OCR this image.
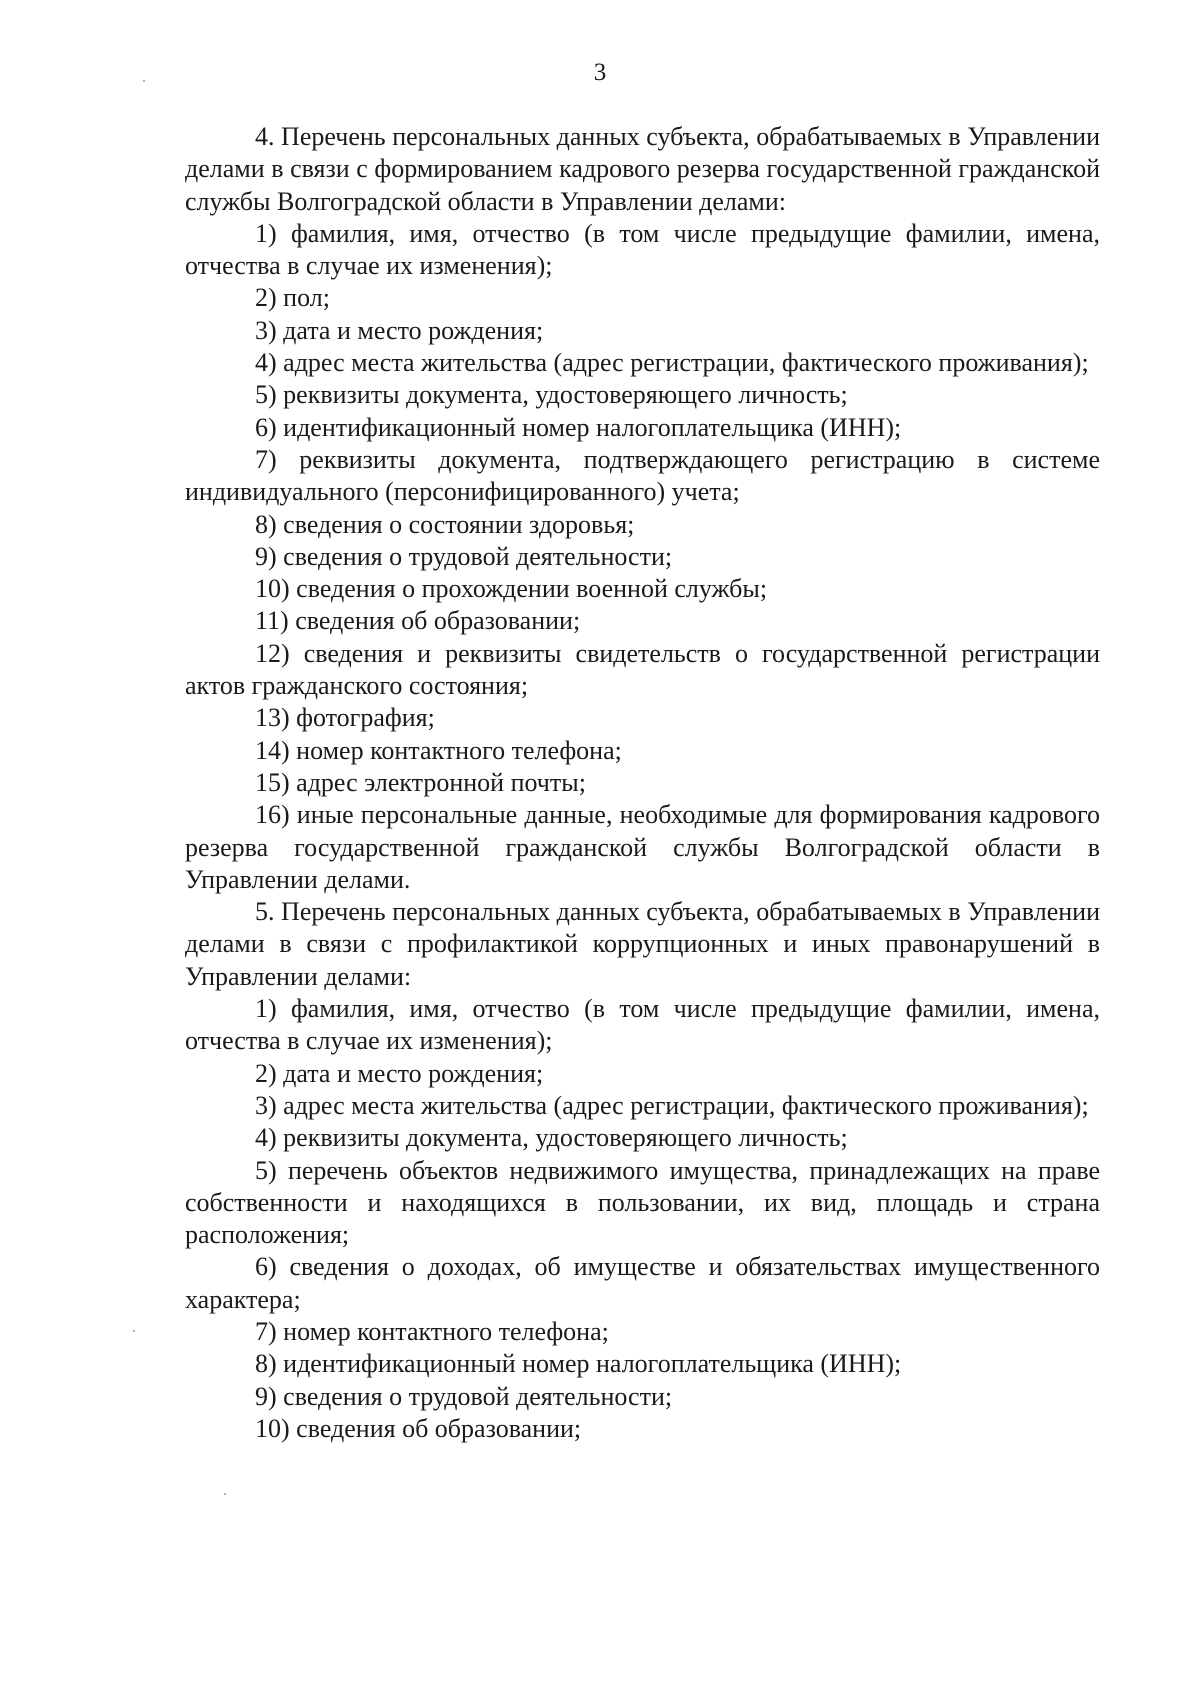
3

4. Перечень персональных данных субъекта, обрабатываемых в Управлении делами в связи с формированием кадрового резерва государственной гражданской службы Волгоградской области в Управлении делами:

1) фамилия, имя, отчество (в том числе предыдущие фамилии, имена, отчества в случае их изменения);

2) пол;

3) дата и место рождения;

4) адрес места жительства (адрес регистрации, фактического проживания);

5) реквизиты документа, удостоверяющего личность;

6) идентификационный номер налогоплательщика (ИНН);

7) реквизиты документа, подтверждающего регистрацию в системе индивидуального (персонифицированного) учета;

8) сведения о состоянии здоровья;

9) сведения о трудовой деятельности;

10) сведения о прохождении военной службы;

11) сведения об образовании;

12) сведения и реквизиты свидетельств о государственной регистрации актов гражданского состояния;

13) фотография;

14) номер контактного телефона;

15) адрес электронной почты;

16) иные персональные данные, необходимые для формирования кадрового резерва государственной гражданской службы Волгоградской области в Управлении делами.

5. Перечень персональных данных субъекта, обрабатываемых в Управлении делами в связи с профилактикой коррупционных и иных правонарушений в Управлении делами:

1) фамилия, имя, отчество (в том числе предыдущие фамилии, имена, отчества в случае их изменения);

2) дата и место рождения;

3) адрес места жительства (адрес регистрации, фактического проживания);

4) реквизиты документа, удостоверяющего личность;

5) перечень объектов недвижимого имущества, принадлежащих на праве собственности и находящихся в пользовании, их вид, площадь и страна расположения;

6) сведения о доходах, об имуществе и обязательствах имущественного характера;

7) номер контактного телефона;

8) идентификационный номер налогоплательщика (ИНН);

9) сведения о трудовой деятельности;

10) сведения об образовании;
